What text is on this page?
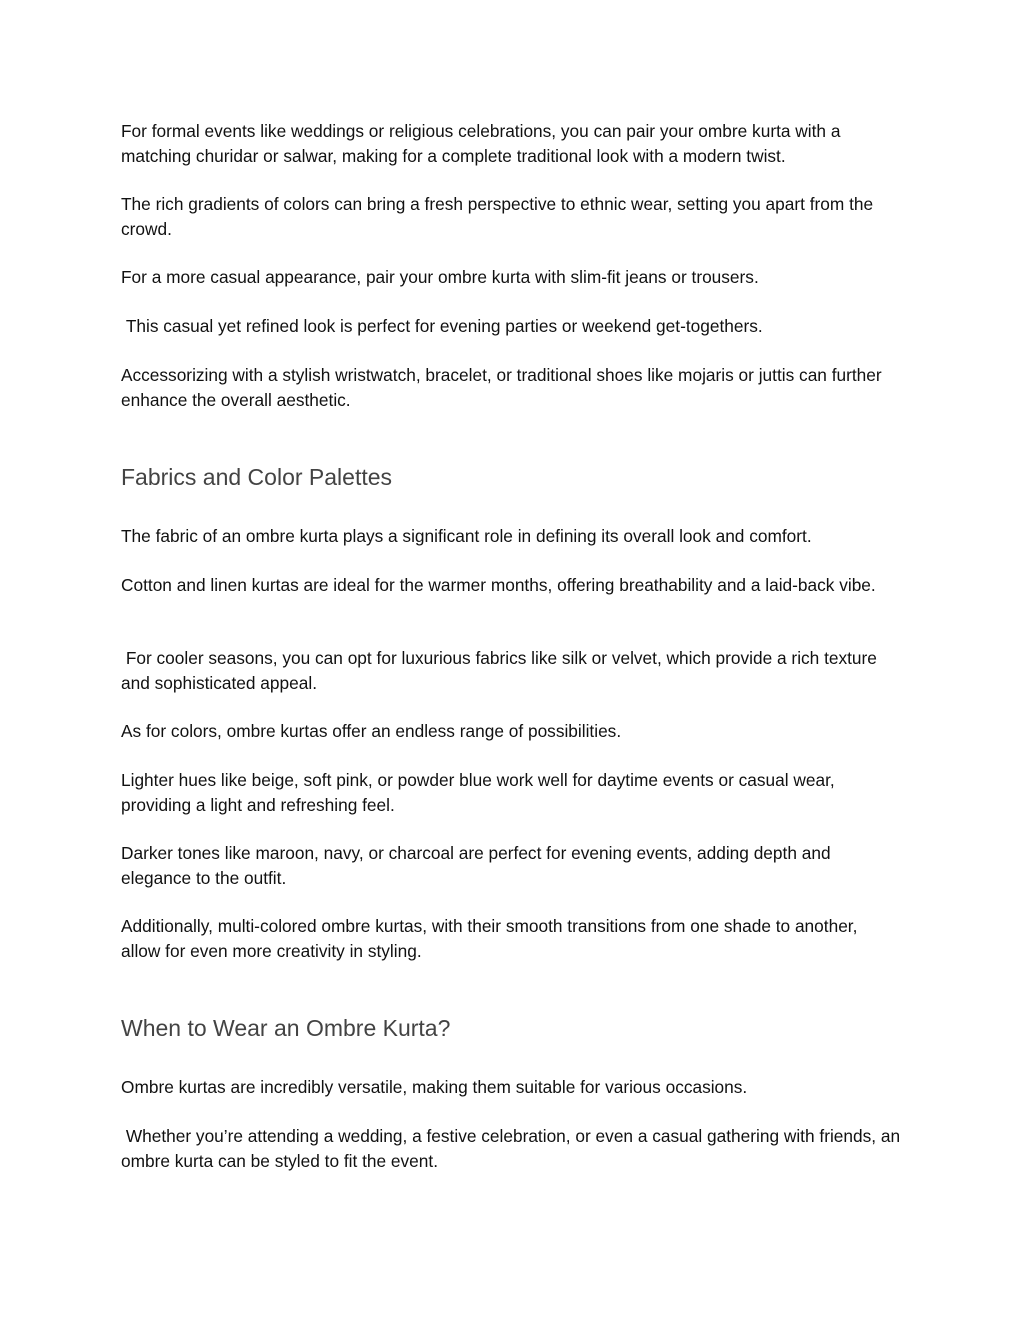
For formal events like weddings or religious celebrations, you can pair your ombre kurta with a matching churidar or salwar, making for a complete traditional look with a modern twist.

The rich gradients of colors can bring a fresh perspective to ethnic wear, setting you apart from the crowd.

For a more casual appearance, pair your ombre kurta with slim-fit jeans or trousers.

This casual yet refined look is perfect for evening parties or weekend get-togethers.

Accessorizing with a stylish wristwatch, bracelet, or traditional shoes like mojaris or juttis can further enhance the overall aesthetic.

Fabrics and Color Palettes

The fabric of an ombre kurta plays a significant role in defining its overall look and comfort.

Cotton and linen kurtas are ideal for the warmer months, offering breathability and a laid-back vibe.

For cooler seasons, you can opt for luxurious fabrics like silk or velvet, which provide a rich texture and sophisticated appeal.

As for colors, ombre kurtas offer an endless range of possibilities.

Lighter hues like beige, soft pink, or powder blue work well for daytime events or casual wear, providing a light and refreshing feel.

Darker tones like maroon, navy, or charcoal are perfect for evening events, adding depth and elegance to the outfit.

Additionally, multi-colored ombre kurtas, with their smooth transitions from one shade to another, allow for even more creativity in styling.

When to Wear an Ombre Kurta?

Ombre kurtas are incredibly versatile, making them suitable for various occasions.

Whether you’re attending a wedding, a festive celebration, or even a casual gathering with friends, an ombre kurta can be styled to fit the event.
